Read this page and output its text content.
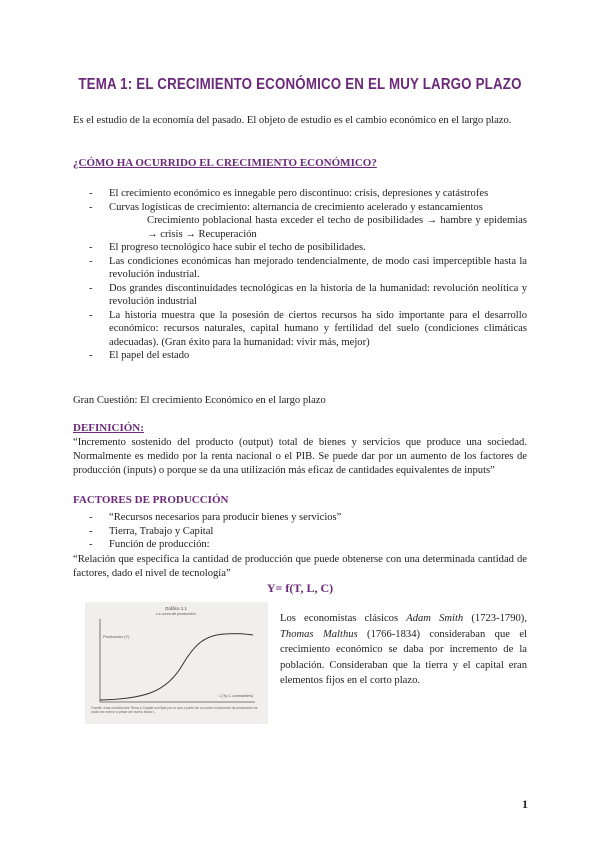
TEMA 1: EL CRECIMIENTO ECONÓMICO EN EL MUY LARGO PLAZO
Es el estudio de la economía del pasado. El objeto de estudio es el cambio económico en el largo plazo.
¿CÓMO HA OCURRIDO EL CRECIMIENTO ECONÓMICO?
- El crecimiento económico es innegable pero discontinuo: crisis, depresiones y catástrofes
- Curvas logísticas de crecimiento: alternancia de crecimiento acelerado y estancamientos
Crecimiento poblacional hasta exceder el techo de posibilidades → hambre y epidemias → crisis → Recuperación
- El progreso tecnológico hace subir el techo de posibilidades.
- Las condiciones económicas han mejorado tendencialmente, de modo casi imperceptible hasta la revolución industrial.
- Dos grandes discontinuidades tecnológicas en la historia de la humanidad: revolución neolítica y revolución industrial
- La historia muestra que la posesión de ciertos recursos ha sido importante para el desarrollo económico: recursos naturales, capital humano y fertilidad del suelo (condiciones climáticas adecuadas). (Gran éxito para la humanidad: vivir más, mejor)
- El papel del estado
Gran Cuestión: El crecimiento Económico en el largo plazo
DEFINICIÓN:
“Incremento sostenido del producto (output) total de bienes y servicios que produce una sociedad. Normalmente es medido por la renta nacional o el PIB. Se puede dar por un aumento de los factores de producción (inputs) o porque se da una utilización más eficaz de cantidades equivalentes de inputs”
FACTORES DE PRODUCCIÓN
- “Recursos necesarios para producir bienes y servicios”
- Tierra, Trabajo y Capital
- Función de producción:
“Relación que especifica la cantidad de producción que puede obtenerse con una determinada cantidad de factores, dado el nivel de tecnología”
Y= f(T, L, C)
Gráfico 1.1
La curva de producción
Producción (Y)
L(Ty C constantes)
Fuente: a las condiciones Tierra y Capital son fijas por lo que a partir de un punto el aumento de producción es cada vez menor a pesar del nuevo factor L
Los economistas clásicos Adam Smith (1723-1790), Thomas Malthus (1766-1834) consideraban que el crecimiento económico se daba por incremento de la población. Consideraban que la tierra y el capital eran elementos fijos en el corto plazo.
1
